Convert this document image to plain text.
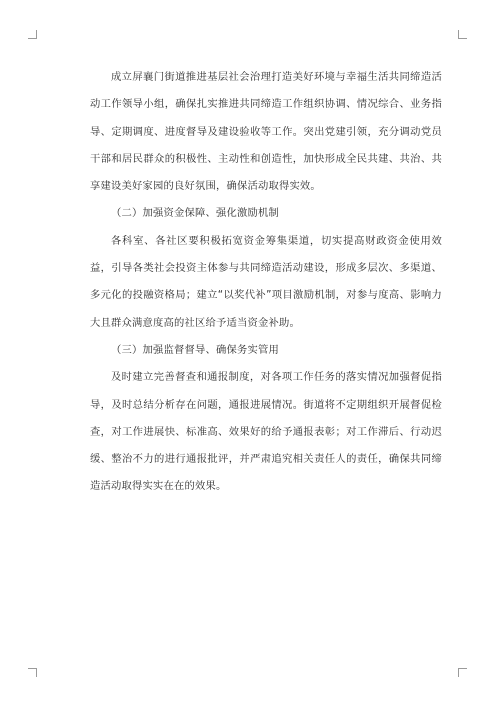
成立屏襄门街道推进基层社会治理打造美好环境与幸福生活共同缔造活动工作领导小组，确保扎实推进共同缔造工作组织协调、情况综合、业务指导、定期调度、进度督导及建设验收等工作。突出党建引领，充分调动党员干部和居民群众的积极性、主动性和创造性，加快形成全民共建、共治、共享建设美好家园的良好氛围，确保活动取得实效。

（二）加强资金保障、强化激励机制

各科室、各社区要积极拓宽资金筹集渠道，切实提高财政资金使用效益，引导各类社会投资主体参与共同缔造活动建设，形成多层次、多渠道、多元化的投融资格局；建立“以奖代补”项目激励机制，对参与度高、影响力大且群众满意度高的社区给予适当资金补助。

（三）加强监督督导、确保务实管用

及时建立完善督查和通报制度，对各项工作任务的落实情况加强督促指导，及时总结分析存在问题，通报进展情况。街道将不定期组织开展督促检查，对工作进展快、标准高、效果好的给予通报表彰；对工作滞后、行动迟缓、整治不力的进行通报批评，并严肃追究相关责任人的责任，确保共同缔造活动取得实实在在的效果。
